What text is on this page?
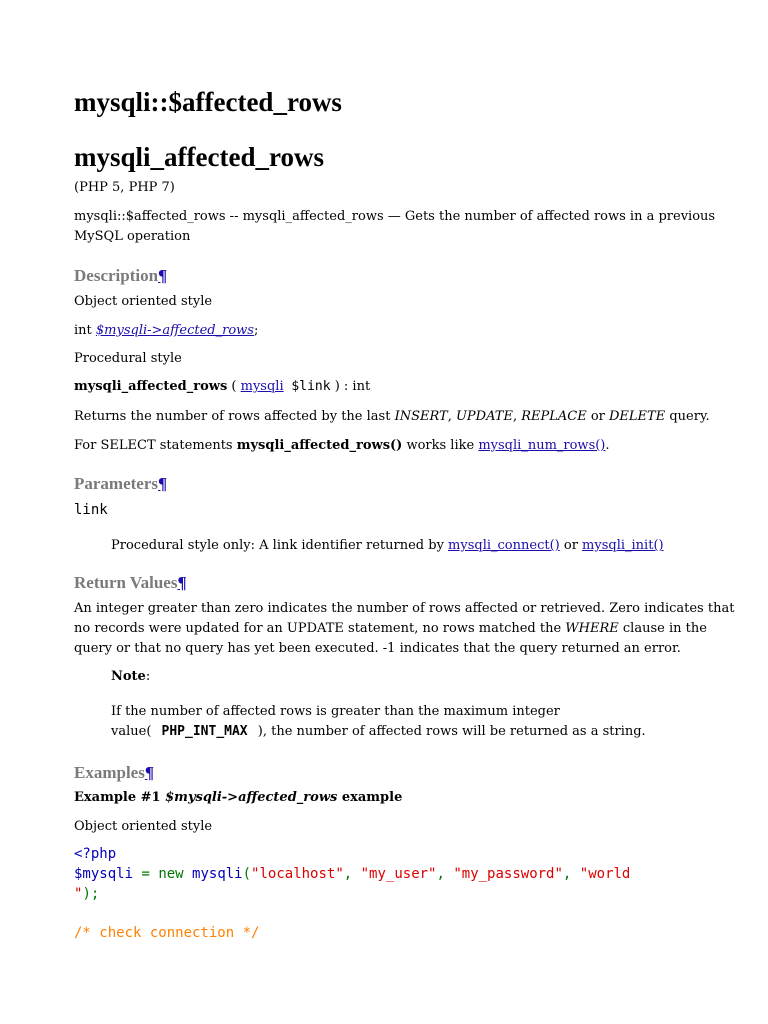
mysqli::$affected_rows
mysqli_affected_rows
(PHP 5, PHP 7)
mysqli::$affected_rows -- mysqli_affected_rows — Gets the number of affected rows in a previous
MySQL operation
Description¶
Object oriented style
int $mysqli->affected_rows;
Procedural style
mysqli_affected_rows ( mysqli $link ) : int
Returns the number of rows affected by the last INSERT, UPDATE, REPLACE or DELETE query.
For SELECT statements mysqli_affected_rows() works like mysqli_num_rows().
Parameters¶
link
Procedural style only: A link identifier returned by mysqli_connect() or mysqli_init()
Return Values¶
An integer greater than zero indicates the number of rows affected or retrieved. Zero indicates that
no records were updated for an UPDATE statement, no rows matched the WHERE clause in the
query or that no query has yet been executed. -1 indicates that the query returned an error.
Note:
If the number of affected rows is greater than the maximum integer
value( PHP_INT_MAX ), the number of affected rows will be returned as a string.
Examples¶
Example #1 $mysqli->affected_rows example
Object oriented style
<?php
$mysqli = new mysqli("localhost", "my_user", "my_password", "world
");
/* check connection */
